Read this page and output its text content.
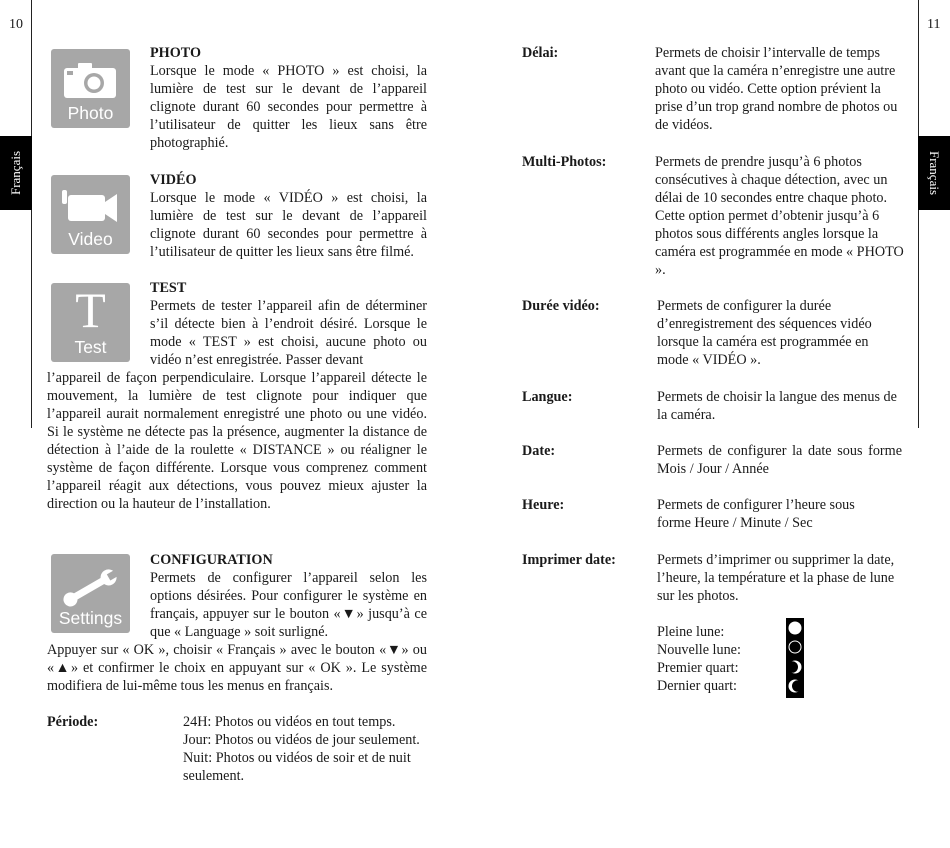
10	11
Français	Français
Photo
PHOTO
Lorsque le mode « PHOTO » est choisi, la lumière de test sur le devant de l’appareil clignote durant 60 secondes pour permettre à l’utilisateur de quitter les lieux sans être photographié.
Video
VIDÉO
Lorsque le mode « VIDÉO » est choisi, la lumière de test sur le devant de l’appareil clignote durant 60 secondes pour permettre à l’utilisateur de quitter les lieux sans être filmé.
T
Test
TEST
Permets de tester l’appareil afin de déterminer s’il détecte bien à l’endroit désiré. Lorsque le mode « TEST » est choisi, aucune photo ou vidéo n’est enregistrée. Passer devant
l’appareil de façon perpendiculaire. Lorsque l’appareil détecte le mouvement, la lumière de test clignote pour indiquer que l’appareil aurait normalement enregistré une photo ou une vidéo. Si le système ne détecte pas la présence, augmenter la distance de détection à l’aide de la roulette « DISTANCE » ou réaligner le système de façon différente. Lorsque vous comprenez comment l’appareil réagit aux détections, vous pouvez mieux ajuster la direction ou la hauteur de l’installation.
Settings
CONFIGURATION
Permets de configurer l’appareil selon les options désirées. Pour configurer le système en français, appuyer sur le bouton «▼» jusqu’à ce que « Language » soit surligné.
Appuyer sur « OK », choisir « Français » avec le bouton «▼» ou «▲» et confirmer le choix en appuyant sur « OK ». Le système modifiera de lui-même tous les menus en français.
Période:	24H: Photos ou vidéos en tout temps.
Jour: Photos ou vidéos de jour seulement.
Nuit: Photos ou vidéos de soir et de nuit seulement.
Délai:	Permets de choisir l’intervalle de temps avant que la caméra n’enregistre une autre photo ou vidéo. Cette option prévient la prise d’un trop grand nombre de photos ou de vidéos.
Multi-Photos:	Permets de prendre jusqu’à 6 photos consécutives à chaque détection, avec un délai de 10 secondes entre chaque photo. Cette option permet d’obtenir jusqu’à 6 photos sous différents angles lorsque la caméra est programmée en mode « PHOTO ».
Durée vidéo:	Permets de configurer la durée d’enregistrement des séquences vidéo lorsque la caméra est programmée en mode « VIDÉO ».
Langue:	Permets de choisir la langue des menus de la caméra.
Date:	Permets de configurer la date sous forme Mois / Jour / Année
Heure:	Permets de configurer l’heure sous forme Heure / Minute / Sec
Imprimer date:	Permets d’imprimer ou supprimer la date, l’heure, la température et la phase de lune sur les photos.
Pleine lune:
Nouvelle lune:
Premier quart:
Dernier quart:
